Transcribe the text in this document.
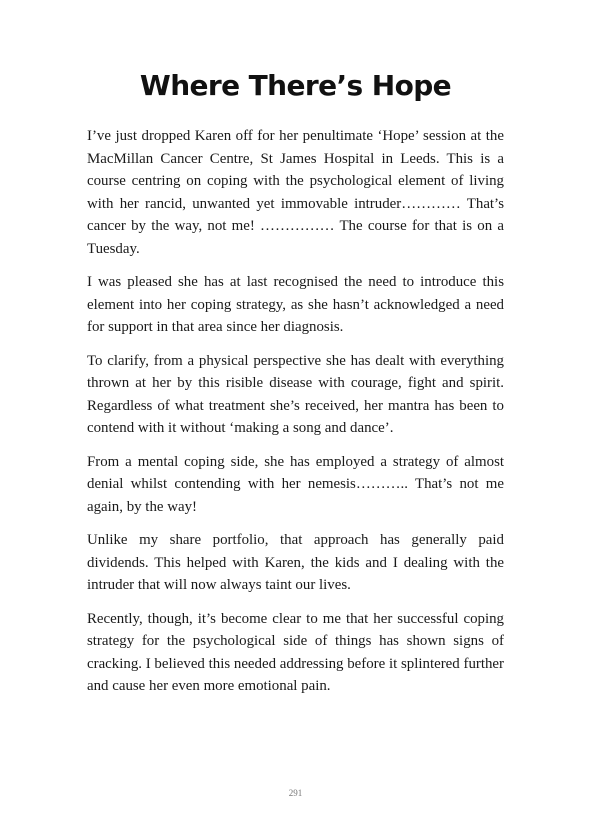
Where There’s Hope

I’ve just dropped Karen off for her penultimate ‘Hope’ session at the MacMillan Cancer Centre, St James Hospital in Leeds. This is a course centring on coping with the psychological element of living with her rancid, unwanted yet immovable intruder………… That’s cancer by the way, not me! …………… The course for that is on a Tuesday.

I was pleased she has at last recognised the need to introduce this element into her coping strategy, as she hasn’t acknowledged a need for support in that area since her diagnosis.

To clarify, from a physical perspective she has dealt with everything thrown at her by this risible disease with courage, fight and spirit. Regardless of what treatment she’s received, her mantra has been to contend with it without ‘making a song and dance’.

From a mental coping side, she has employed a strategy of almost denial whilst contending with her nemesis……….. That’s not me again, by the way!

Unlike my share portfolio, that approach has generally paid dividends. This helped with Karen, the kids and I dealing with the intruder that will now always taint our lives.

Recently, though, it’s become clear to me that her successful coping strategy for the psychological side of things has shown signs of cracking. I believed this needed addressing before it splintered further and cause her even more emotional pain.

291
